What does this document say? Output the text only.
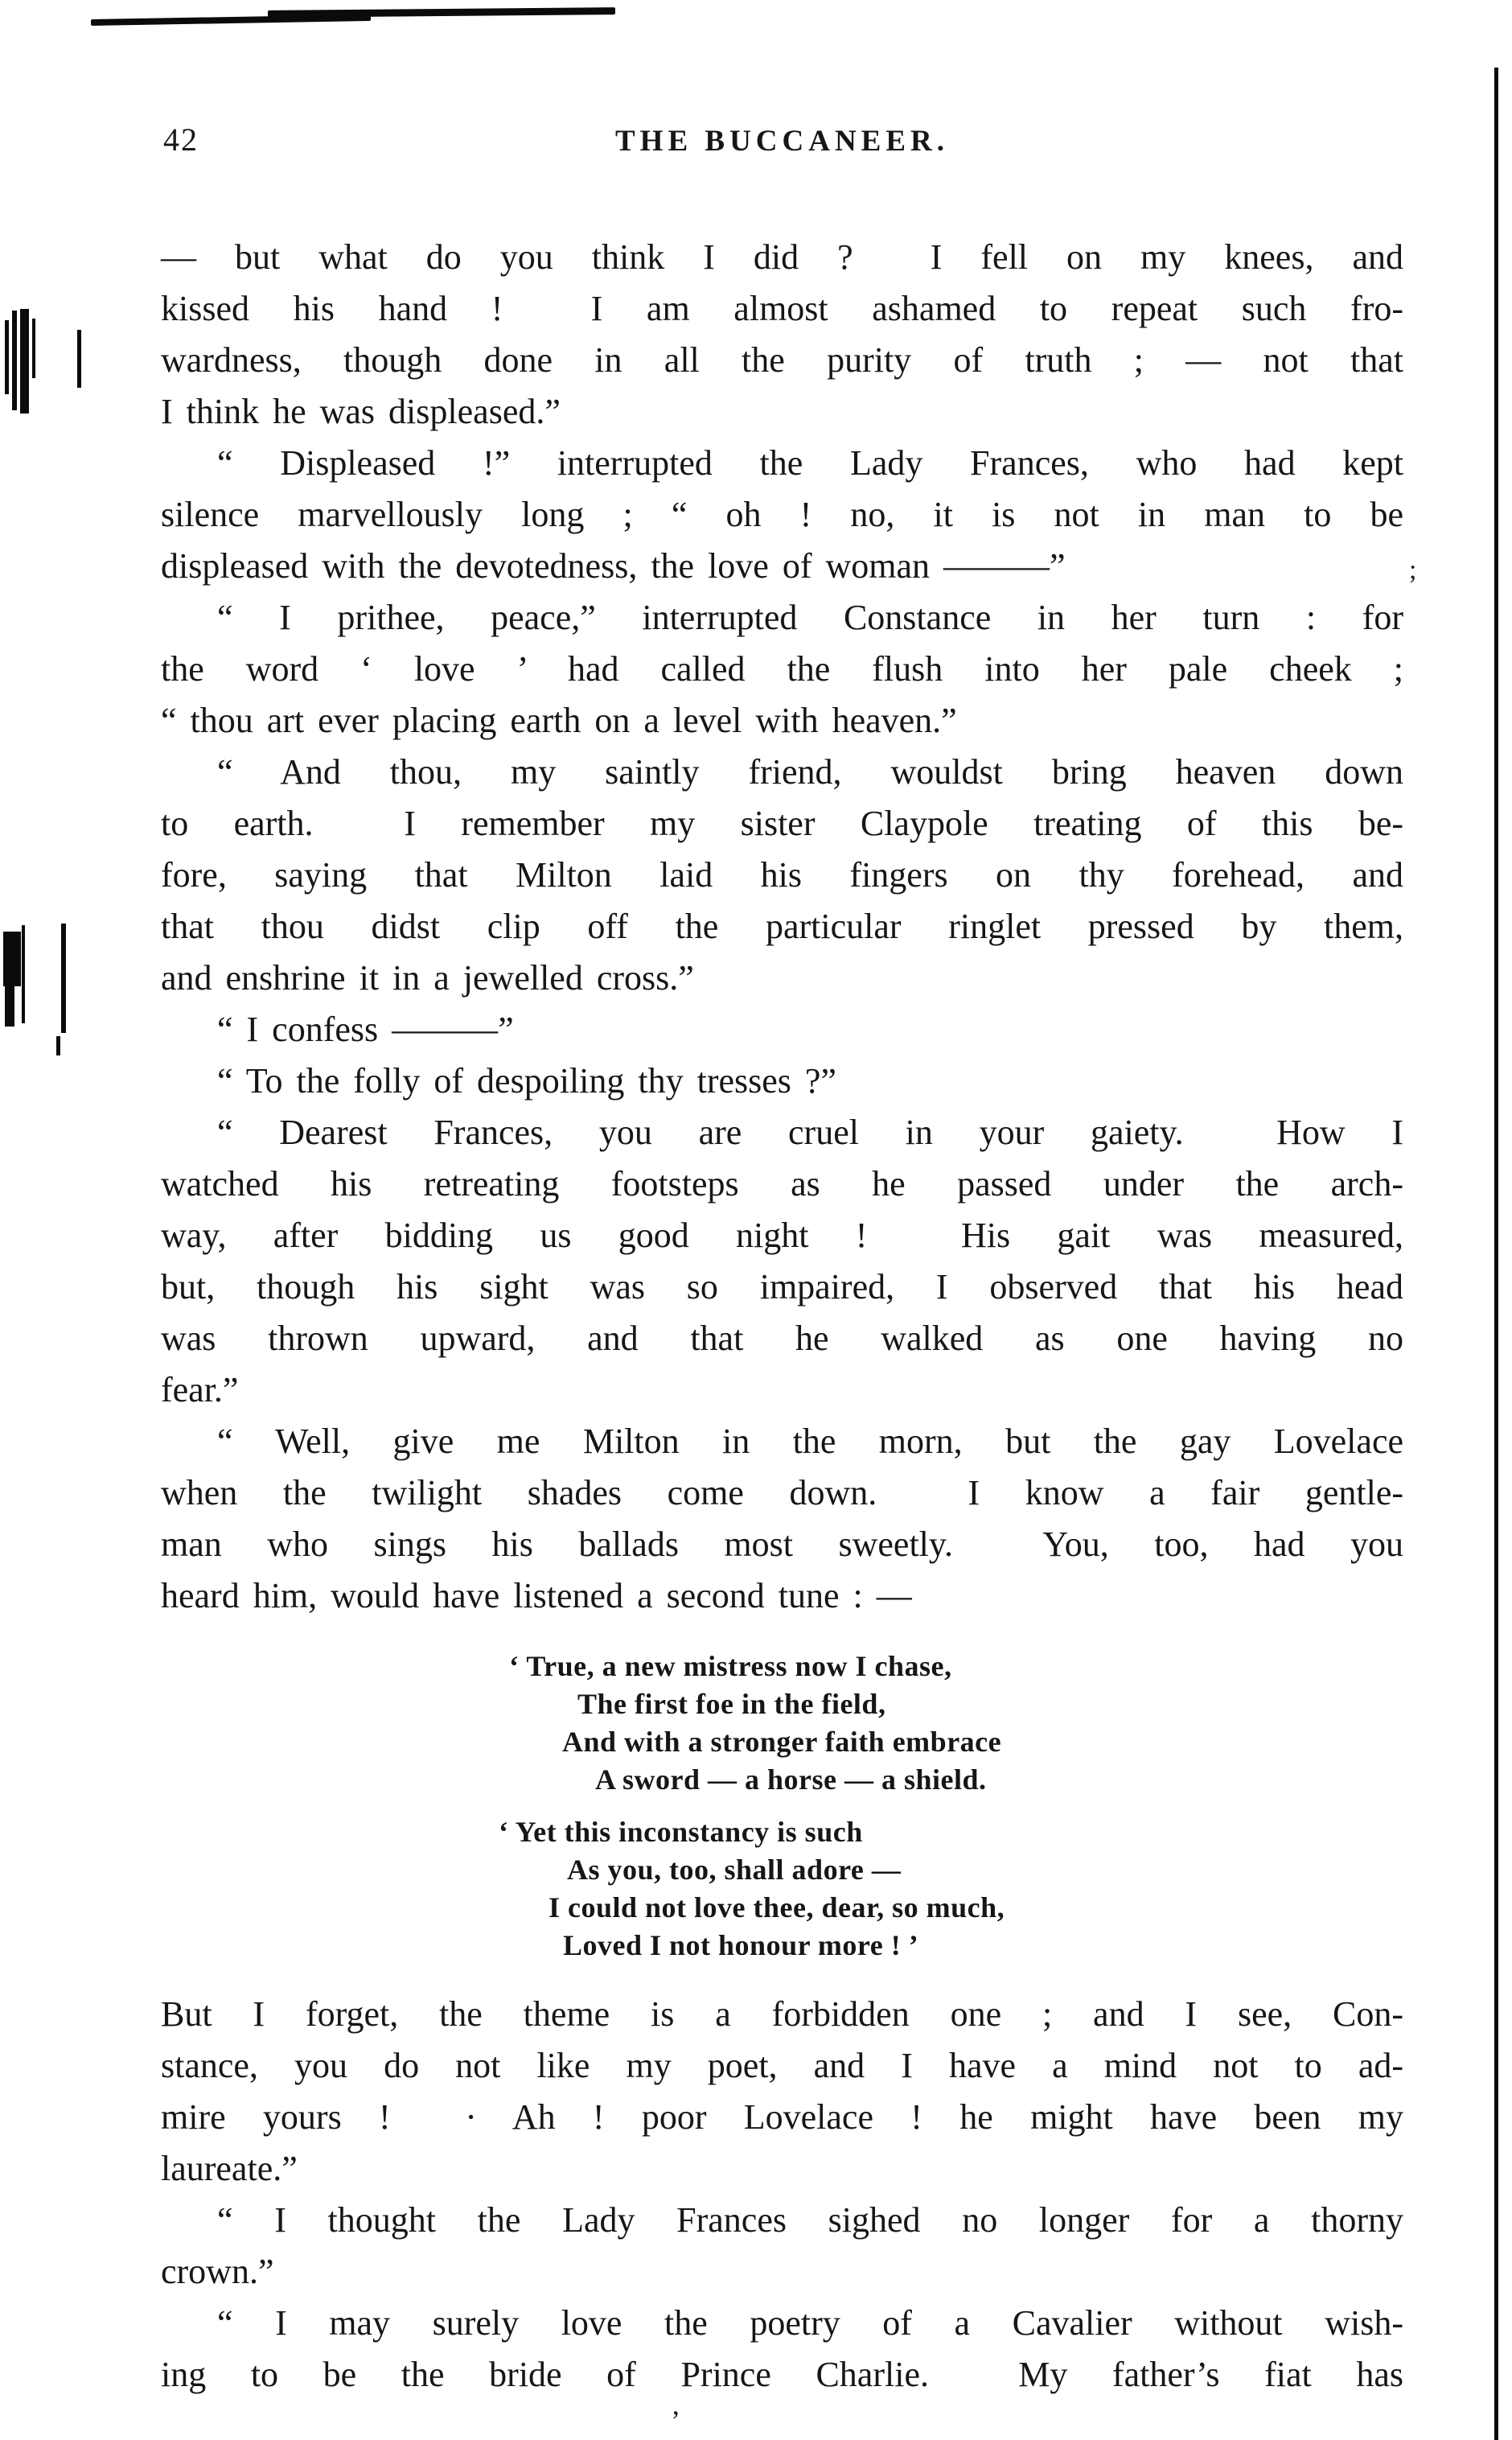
;
’
42	THE BUCCANEER.
— but what do you think I did ?  I fell on my knees, and
kissed his hand !  I am almost ashamed to repeat such fro-
wardness, though done in all the purity of truth ; — not that
I think he was displeased.”
“ Displeased !” interrupted the Lady Frances, who had kept
silence marvellously long ; “ oh ! no, it is not in man to be
displeased with the devotedness, the love of woman ———”
“ I prithee, peace,” interrupted Constance in her turn : for
the word ‘ love ’ had called the flush into her pale cheek ;
“ thou art ever placing earth on a level with heaven.”
“ And thou, my saintly friend, wouldst bring heaven down
to earth.  I remember my sister Claypole treating of this be-
fore, saying that Milton laid his fingers on thy forehead, and
that thou didst clip off the particular ringlet pressed by them,
and enshrine it in a jewelled cross.”
“ I confess ———”
“ To the folly of despoiling thy tresses ?”
“ Dearest Frances, you are cruel in your gaiety.  How I
watched his retreating footsteps as he passed under the arch-
way, after bidding us good night !  His gait was measured,
but, though his sight was so impaired, I observed that his head
was thrown upward, and that he walked as one having no
fear.”
“ Well, give me Milton in the morn, but the gay Lovelace
when the twilight shades come down.  I know a fair gentle-
man who sings his ballads most sweetly.  You, too, had you
heard him, would have listened a second tune : —
‘ True, a new mistress now I chase,
The first foe in the field,
And with a stronger faith embrace
A sword — a horse — a shield.
‘ Yet this inconstancy is such
As you, too, shall adore —
I could not love thee, dear, so much,
Loved I not honour more ! ’
But I forget, the theme is a forbidden one ; and I see, Con-
stance, you do not like my poet, and I have a mind not to ad-
mire yours !  · Ah ! poor Lovelace ! he might have been my
laureate.”
“ I thought the Lady Frances sighed no longer for a thorny
crown.”
“ I may surely love the poetry of a Cavalier without wish-
ing to be the bride of Prince Charlie.  My father’s fiat has
